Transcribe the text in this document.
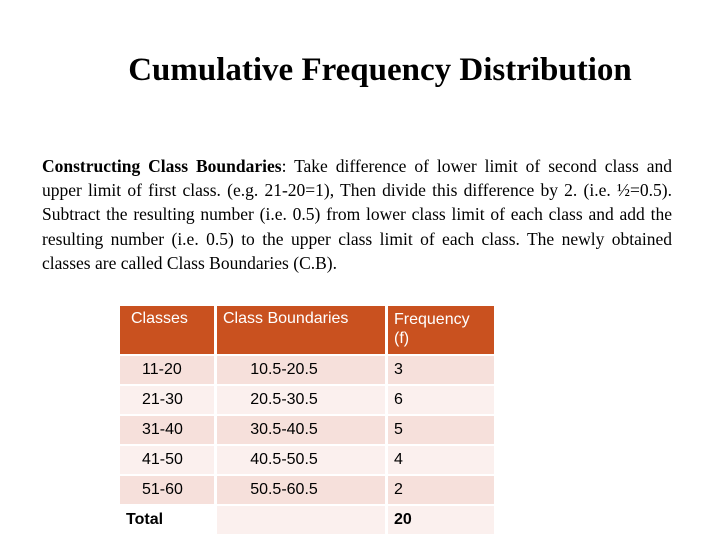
Cumulative Frequency Distribution
Constructing Class Boundaries: Take difference of lower limit of second class and upper limit of first class. (e.g. 21-20=1), Then divide this difference by 2. (i.e. ½=0.5). Subtract the resulting number (i.e. 0.5) from lower class limit of each class and add the resulting number (i.e. 0.5) to the upper class limit of each class. The newly obtained classes are called Class Boundaries (C.B).
Classes	Class Boundaries	Frequency (f)
11-20	10.5-20.5	3
21-30	20.5-30.5	6
31-40	30.5-40.5	5
41-50	40.5-50.5	4
51-60	50.5-60.5	2
Total		20
